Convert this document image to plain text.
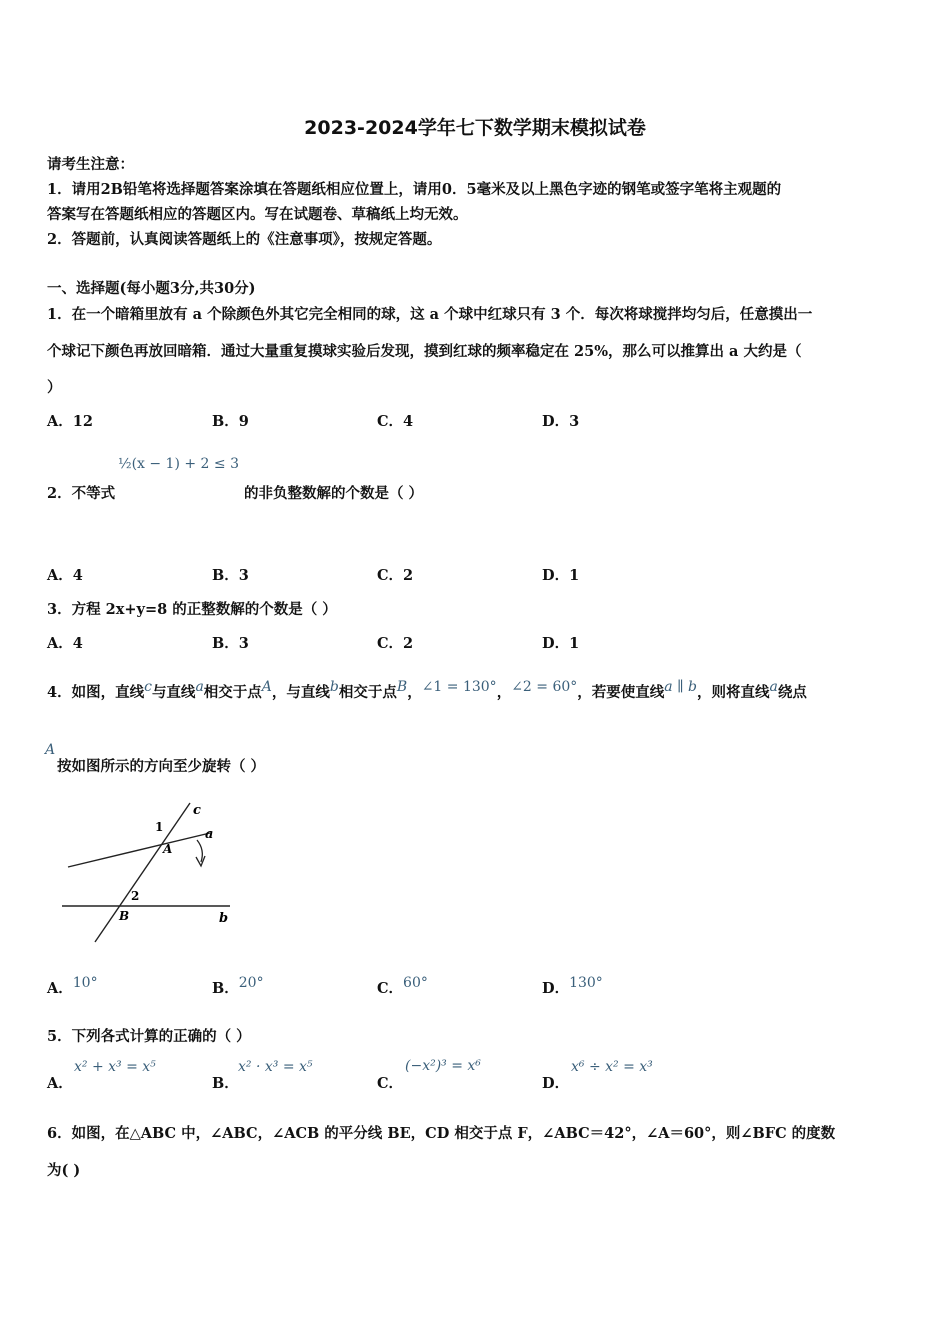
2023-2024学年七下数学期末模拟试卷
请考生注意：
1．请用2B铅笔将选择题答案涂填在答题纸相应位置上，请用0．5毫米及以上黑色字迹的钢笔或签字笔将主观题的
答案写在答题纸相应的答题区内。写在试题卷、草稿纸上均无效。
2．答题前，认真阅读答题纸上的《注意事项》，按规定答题。
一、选择题(每小题3分,共30分)
1．在一个暗箱里放有 a 个除颜色外其它完全相同的球，这 a 个球中红球只有 3 个．每次将球搅拌均匀后，任意摸出一
个球记下颜色再放回暗箱．通过大量重复摸球实验后发现，摸到红球的频率稳定在 25%，那么可以推算出 a 大约是（
）
A．12	B．9	C．4	D．3
½(x − 1) + 2 ≤ 3
2．不等式	的非负整数解的个数是（ ）
A．4	B．3	C．2	D．1
3．方程 2x+y=8 的正整数解的个数是（ ）
A．4	B．3	C．2	D．1
4．如图，直线$^c$与直线$^a$相交于点$^A$，与直线$^b$相交于点$^B$，$^{\angle 1 = 130^\circ}$，$^{\angle 2 = 60^\circ}$，若要使直线$^{a \parallel b}$，则将直线$^a$绕点
A
按如图所示的方向至少旋转（ ）
c
a
b
A
B
1
2
A．$^{10^\circ}$	B．$^{20^\circ}$	C．$^{60^\circ}$	D．$^{130^\circ}$
5．下列各式计算的正确的（ ）
A．
x² + x³ = x⁵
B．
x² · x³ = x⁵
C．
(−x²)³ = x⁶
D．
x⁶ ÷ x² = x³
6．如图，在△ABC 中，∠ABC，∠ACB 的平分线 BE，CD 相交于点 F，∠ABC＝42°，∠A＝60°，则∠BFC 的度数
为( )
